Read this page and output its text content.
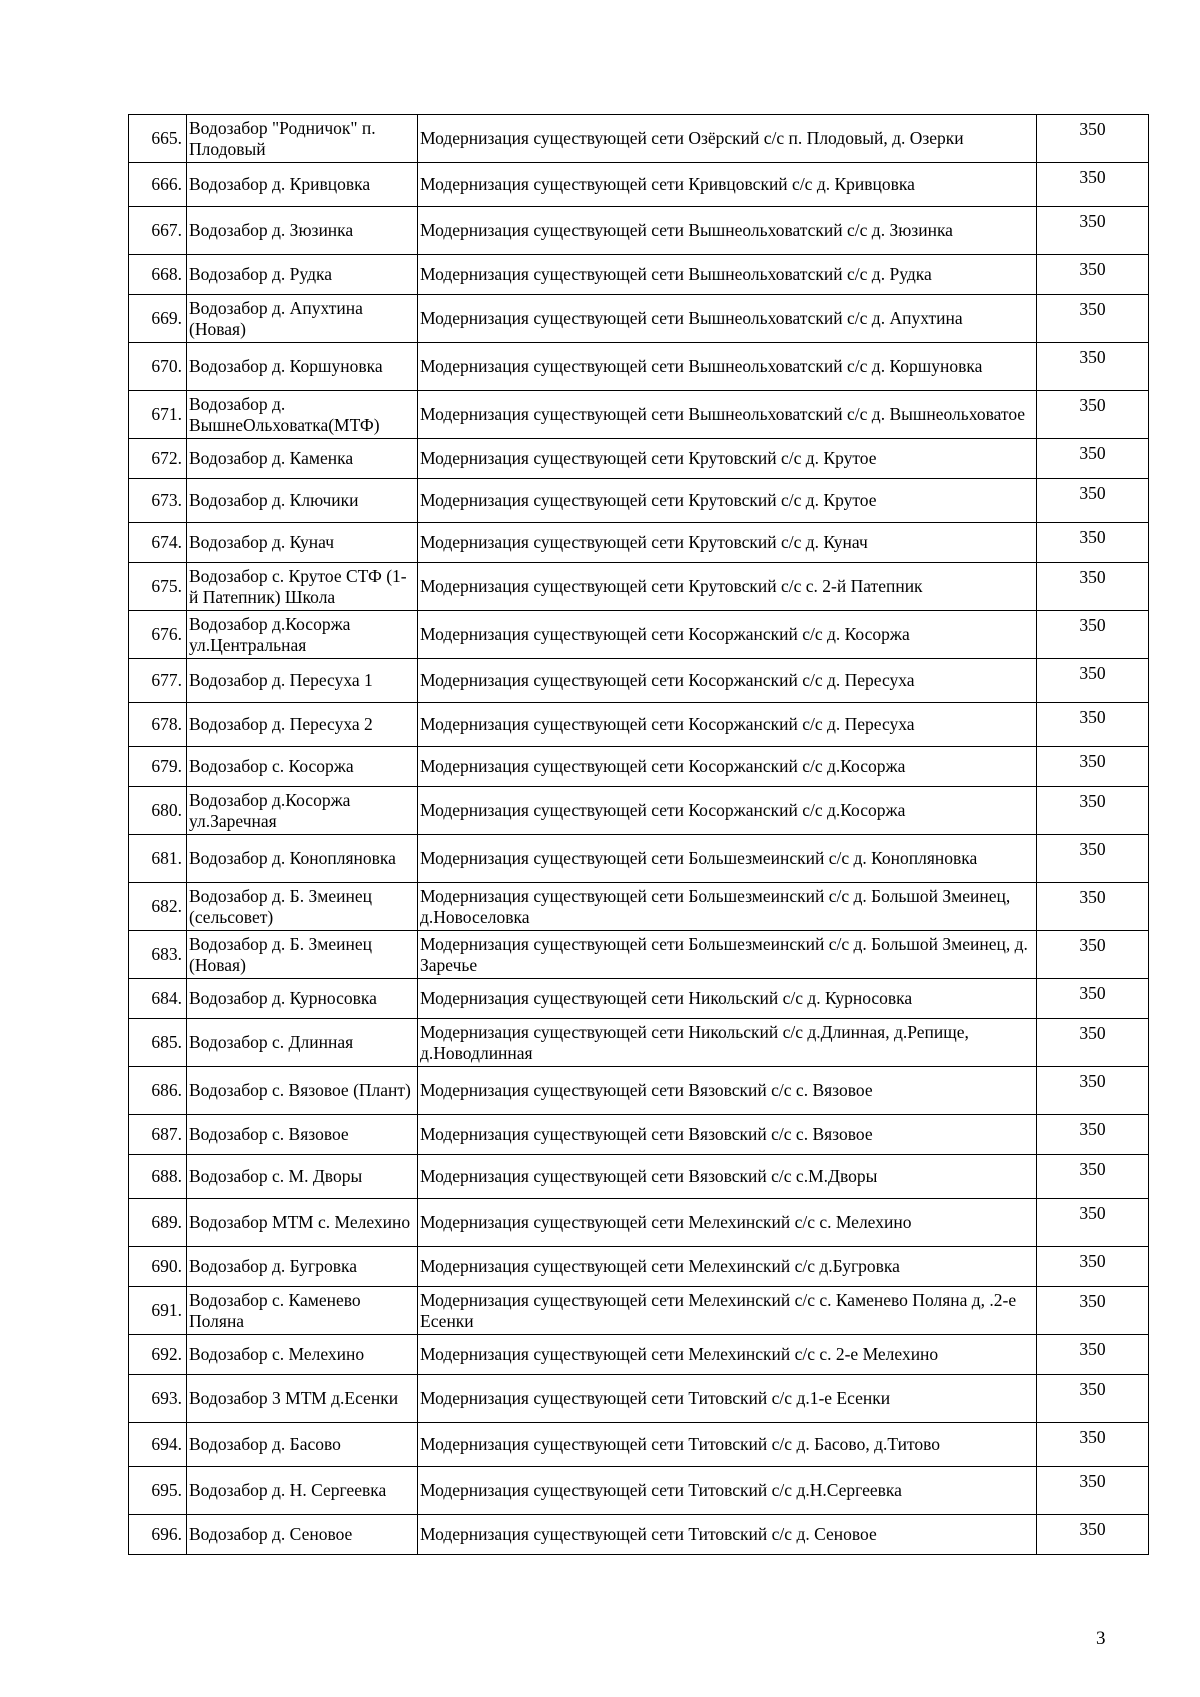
665.	Водозабор "Родничок" п. Плодовый	Модернизация существующей сети Озёрский с/с п. Плодовый, д. Озерки	350
666.	Водозабор д. Кривцовка	Модернизация существующей сети Кривцовский с/с д. Кривцовка	350
667.	Водозабор д. Зюзинка	Модернизация существующей сети Вышнеольховатский с/с д. Зюзинка	350
668.	Водозабор д. Рудка	Модернизация существующей сети Вышнеольховатский с/с д. Рудка	350
669.	Водозабор д. Апухтина (Новая)	Модернизация существующей сети Вышнеольховатский с/с д. Апухтина	350
670.	Водозабор д. Коршуновка	Модернизация существующей сети Вышнеольховатский с/с д. Коршуновка	350
671.	Водозабор д. ВышнеОльховатка(МТФ)	Модернизация существующей сети Вышнеольховатский с/с д. Вышнеольховатое	350
672.	Водозабор д. Каменка	Модернизация существующей сети Крутовский с/с д. Крутое	350
673.	Водозабор д. Ключики	Модернизация существующей сети Крутовский с/с д. Крутое	350
674.	Водозабор д. Кунач	Модернизация существующей сети Крутовский с/с д. Кунач	350
675.	Водозабор с. Крутое СТФ (1-й Патепник) Школа	Модернизация существующей сети Крутовский с/с с. 2-й Патепник	350
676.	Водозабор д.Косоржа ул.Центральная	Модернизация существующей сети Косоржанский с/с д. Косоржа	350
677.	Водозабор д. Пересуха 1	Модернизация существующей сети Косоржанский с/с д. Пересуха	350
678.	Водозабор д. Пересуха 2	Модернизация существующей сети Косоржанский с/с д. Пересуха	350
679.	Водозабор с. Косоржа	Модернизация существующей сети Косоржанский с/с д.Косоржа	350
680.	Водозабор д.Косоржа ул.Заречная	Модернизация существующей сети Косоржанский с/с д.Косоржа	350
681.	Водозабор д. Коноплянoвка	Модернизация существующей сети Большезмеинский с/с д. Коноплянoвка	350
682.	Водозабор д. Б. Змеинец (сельсовет)	Модернизация существующей сети Большезмеинский с/с д. Большой Змеинец, д.Новоселовка	350
683.	Водозабор д. Б. Змеинец (Новая)	Модернизация существующей сети Большезмеинский с/с д. Большой Змеинец, д. Заречье	350
684.	Водозабор д. Курносовка	Модернизация существующей сети Никольский с/с д. Курносовка	350
685.	Водозабор с. Длинная	Модернизация существующей сети Никольский с/с д.Длинная, д.Репище, д.Новодлинная	350
686.	Водозабор с. Вязовое (Плант)	Модернизация существующей сети Вязовский с/с с. Вязовое	350
687.	Водозабор с. Вязовое	Модернизация существующей сети Вязовский с/с с. Вязовое	350
688.	Водозабор с. М. Дворы	Модернизация существующей сети Вязовский с/с с.М.Дворы	350
689.	Водозабор МТМ с. Мелехино	Модернизация существующей сети Мелехинский с/с с. Мелехино	350
690.	Водозабор д. Бугровка	Модернизация существующей сети Мелехинский с/с д.Бугровка	350
691.	Водозабор с. Каменево Поляна	Модернизация существующей сети Мелехинский с/с с. Каменево Поляна д, .2-е Есенки	350
692.	Водозабор с. Мелехино	Модернизация существующей сети Мелехинский с/с с. 2-е Мелехино	350
693.	Водозабор 3 МТМ д.Есенки	Модернизация существующей сети Титовский с/с д.1-е Есенки	350
694.	Водозабор д. Басово	Модернизация существующей сети Титовский с/с д. Басово, д.Титово	350
695.	Водозабор д. Н. Сергеевка	Модернизация существующей сети Титовский с/с д.Н.Сергеевка	350
696.	Водозабор д. Сеновое	Модернизация существующей сети Титовский с/с д. Сеновое	350
3
